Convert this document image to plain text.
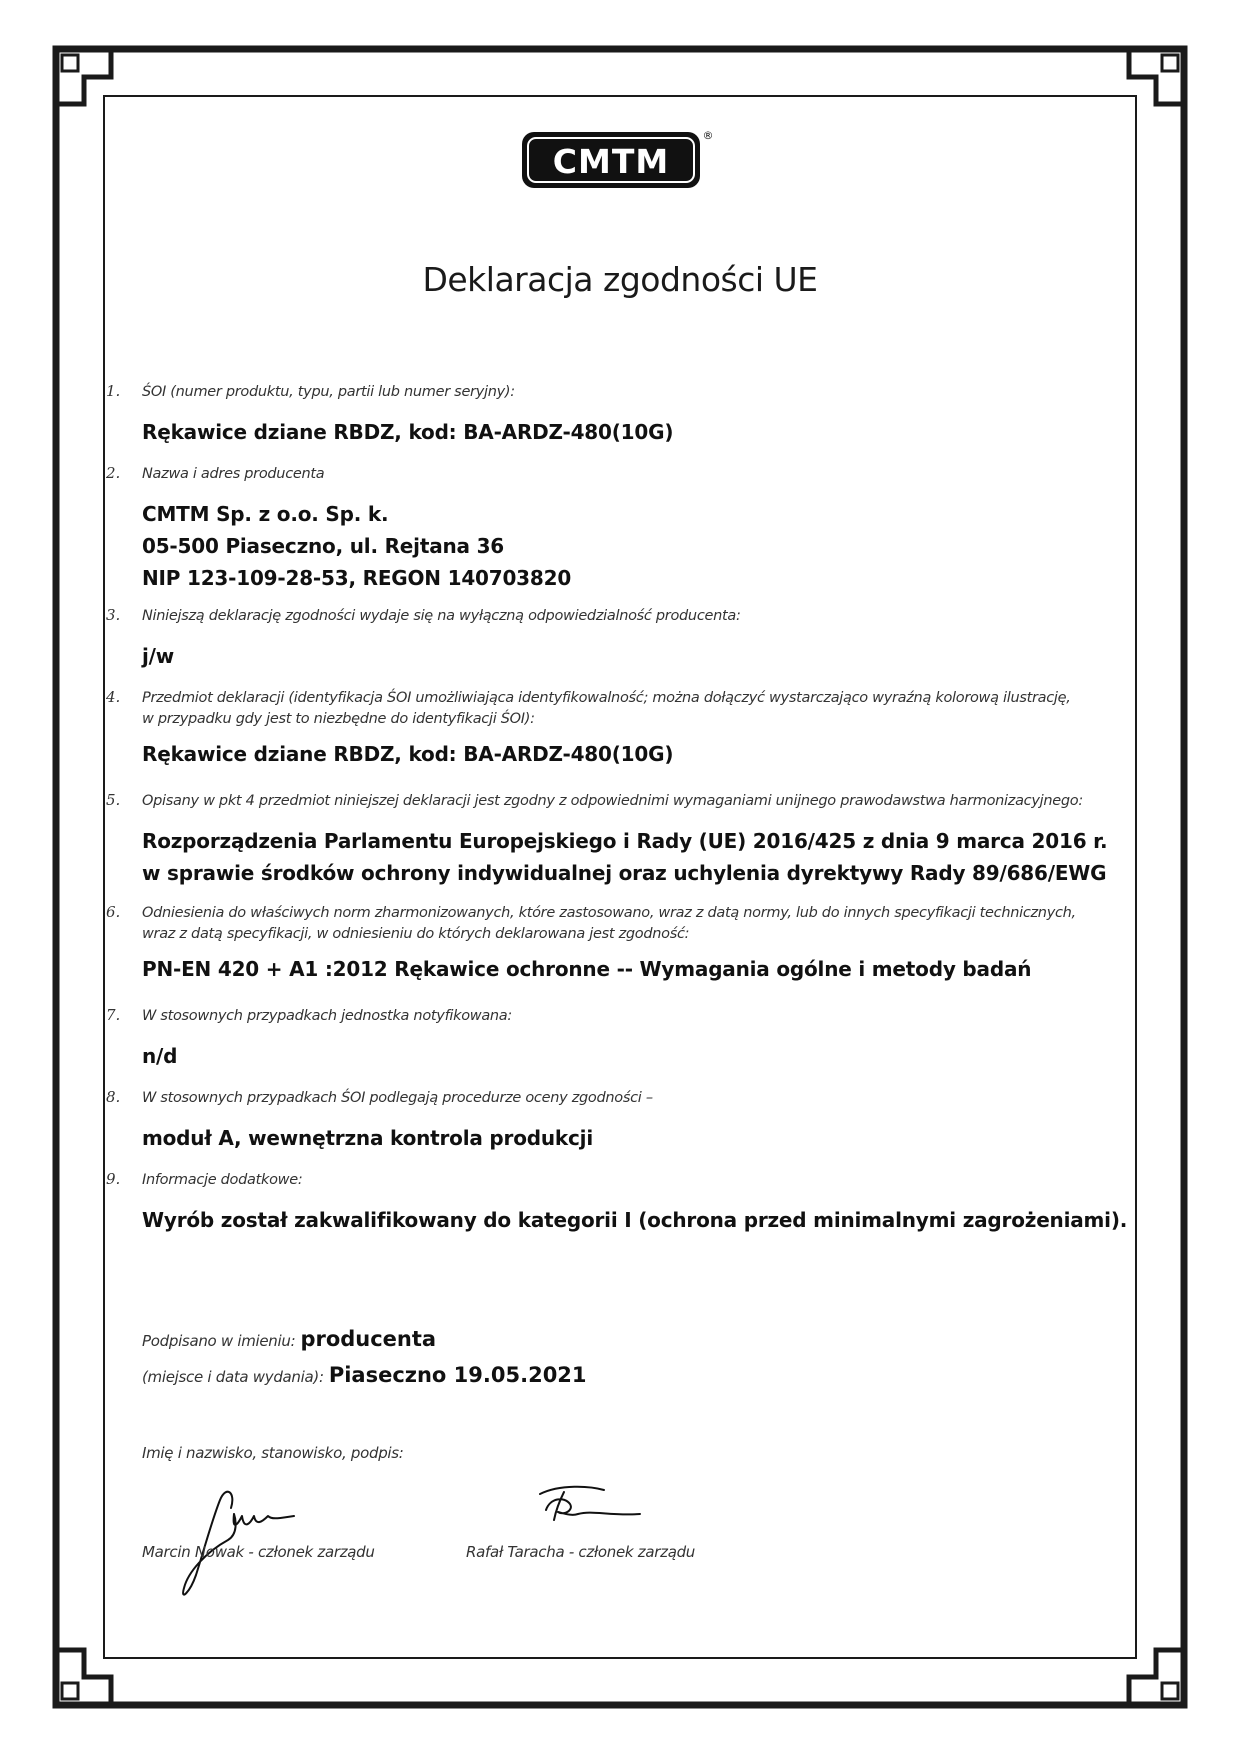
CMTM
®
Deklaracja zgodności UE
1.	ŚOI (numer produktu, typu, partii lub numer seryjny):
Rękawice dziane RBDZ, kod: BA-ARDZ-480(10G)
2.	Nazwa i adres producenta
CMTM Sp. z o.o. Sp. k.
05-500 Piaseczno, ul. Rejtana 36
NIP 123-109-28-53, REGON 140703820
3.	Niniejszą deklarację zgodności wydaje się na wyłączną odpowiedzialność producenta:
j/w
4.	Przedmiot deklaracji (identyfikacja ŚOI umożliwiająca identyfikowalność; można dołączyć wystarczająco wyraźną kolorową ilustrację,
w przypadku gdy jest to niezbędne do identyfikacji ŚOI):
Rękawice dziane RBDZ, kod: BA-ARDZ-480(10G)
5.	Opisany w pkt 4 przedmiot niniejszej deklaracji jest zgodny z odpowiednimi wymaganiami unijnego prawodawstwa harmonizacyjnego:
Rozporządzenia Parlamentu Europejskiego i Rady (UE) 2016/425 z dnia 9 marca 2016 r.
w sprawie środków ochrony indywidualnej oraz uchylenia dyrektywy Rady 89/686/EWG
6.	Odniesienia do właściwych norm zharmonizowanych, które zastosowano, wraz z datą normy, lub do innych specyfikacji technicznych,
wraz z datą specyfikacji, w odniesieniu do których deklarowana jest zgodność:
PN-EN 420 + A1 :2012 Rękawice ochronne -- Wymagania ogólne i metody badań
7.	W stosownych przypadkach jednostka notyfikowana:
n/d
8.	W stosownych przypadkach ŚOI podlegają procedurze oceny zgodności –
moduł A, wewnętrzna kontrola produkcji
9.	Informacje dodatkowe:
Wyrób został zakwalifikowany do kategorii I (ochrona przed minimalnymi zagrożeniami).
Podpisano w imieniu: producenta
(miejsce i data wydania): Piaseczno 19.05.2021
Imię i nazwisko, stanowisko, podpis:
Marcin Nowak - członek zarządu	Rafał Taracha - członek zarządu
